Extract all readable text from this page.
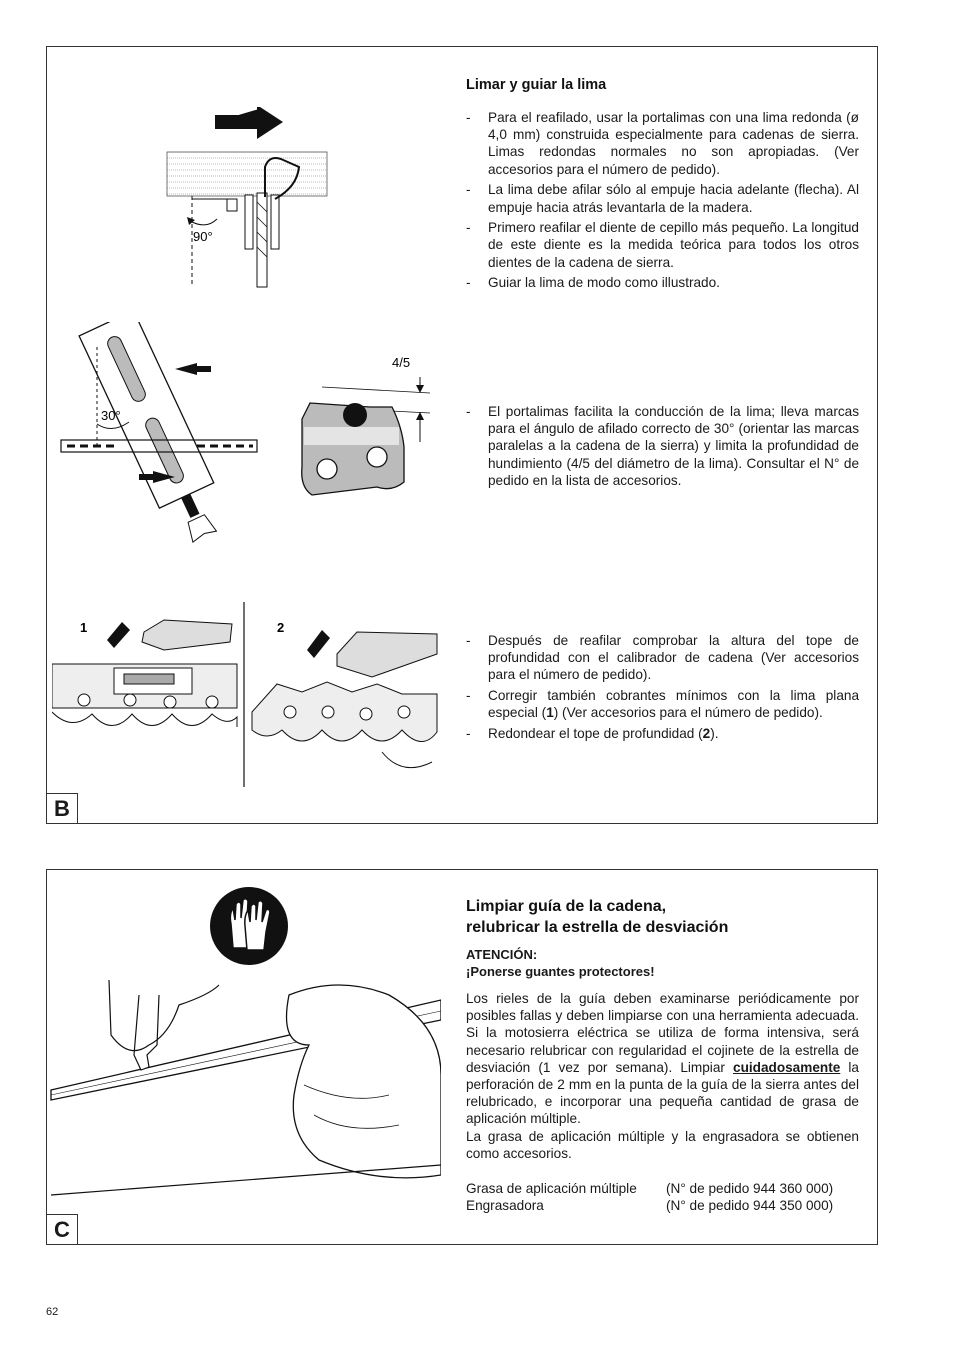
90°
30°
4/5
1	2
Limar y guiar la lima
- Para el reafilado, usar la portalimas con una lima redonda (ø 4,0 mm) construida especialmente para cadenas de sierra. Limas redondas normales no son apropiadas. (Ver accesorios para el número de pedido).
- La lima debe afilar sólo al empuje hacia adelante (flecha). Al empuje hacia atrás levantarla de la madera.
- Primero reafilar el diente de cepillo más pequeño. La longitud de este diente es la medida teórica para todos los otros dientes de la cadena de sierra.
- Guiar la lima de modo como illustrado.
- El portalimas facilita la conducción de la lima; lleva marcas para el ángulo de afilado correcto de 30° (orientar las marcas paralelas a la cadena de la sierra) y limita la profundidad de hundimiento (4/5 del diámetro de la lima). Consultar el N° de pedido en la lista de accesorios.
- Después de reafilar comprobar la altura del tope de profundidad con el calibrador de cadena (Ver accesorios para el número de pedido).
- Corregir también cobrantes mínimos con la lima plana especial (1) (Ver accesorios para el número de pedido).
- Redondear el tope de profundidad (2).
B
Limpiar guía de la cadena,
relubricar la estrella de desviación
ATENCIÓN:
¡Ponerse guantes protectores!
Los rieles de la guía deben examinarse periódicamente por posibles fallas y deben limpiarse con una herramienta adecuada. Si la motosierra eléctrica se utiliza de forma intensiva, será necesario relubricar con regularidad el cojinete de la estrella de desviación (1 vez por semana). Limpiar cuidadosamente la perforación de 2 mm en la punta de la guía de la sierra antes del relubricado, e incorporar una pequeña cantidad de grasa de aplicación múltiple.
La grasa de aplicación múltiple y la engrasadora se obtienen como accesorios.
Grasa de aplicación múltiple	(N° de pedido 944 360 000)
Engrasadora	(N° de pedido 944 350 000)
C
62
